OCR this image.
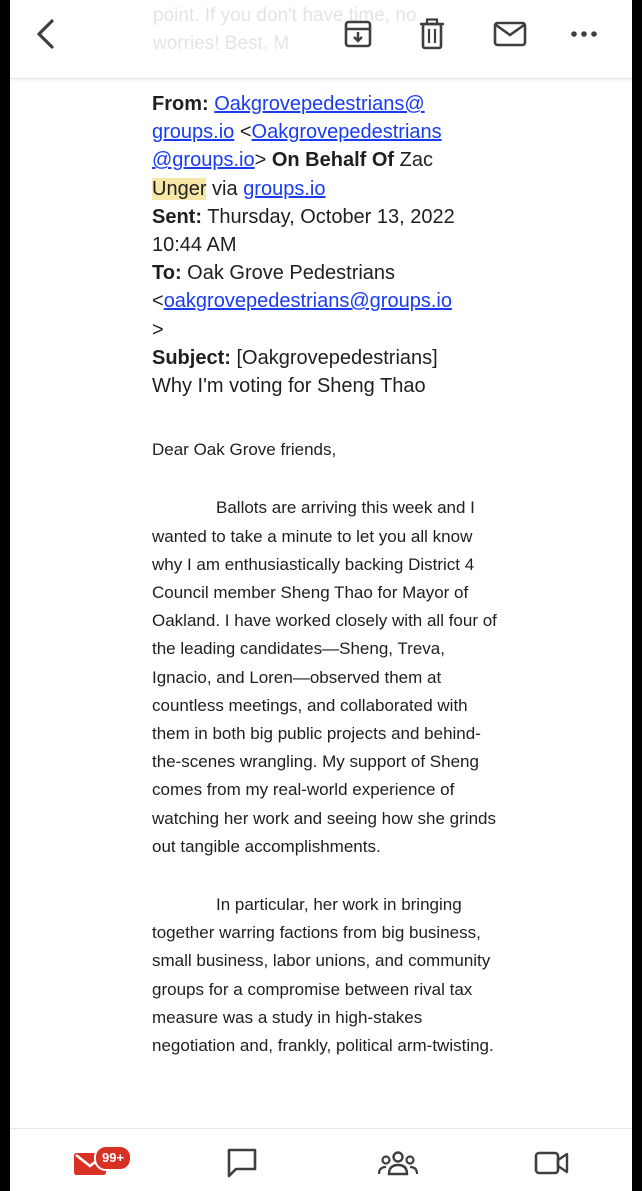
point. If you don't have time, no
worries! Best, M
From: Oakgrovepedestrians@
groups.io <Oakgrovepedestrians
@groups.io> On Behalf Of Zac
Unger via groups.io
Sent: Thursday, October 13, 2022
10:44 AM
To: Oak Grove Pedestrians
<oakgrovepedestrians@groups.io
>
Subject: [Oakgrovepedestrians]
Why I'm voting for Sheng Thao

Dear Oak Grove friends,

Ballots are arriving this week and I wanted to take a minute to let you all know why I am enthusiastically backing District 4 Council member Sheng Thao for Mayor of Oakland. I have worked closely with all four of the leading candidates—Sheng, Treva, Ignacio, and Loren—observed them at countless meetings, and collaborated with them in both big public projects and behind-the-scenes wrangling. My support of Sheng comes from my real-world experience of watching her work and seeing how she grinds out tangible accomplishments.

In particular, her work in bringing together warring factions from big business, small business, labor unions, and community groups for a compromise between rival tax measure was a study in high-stakes negotiation and, frankly, political arm-twisting.

99+
